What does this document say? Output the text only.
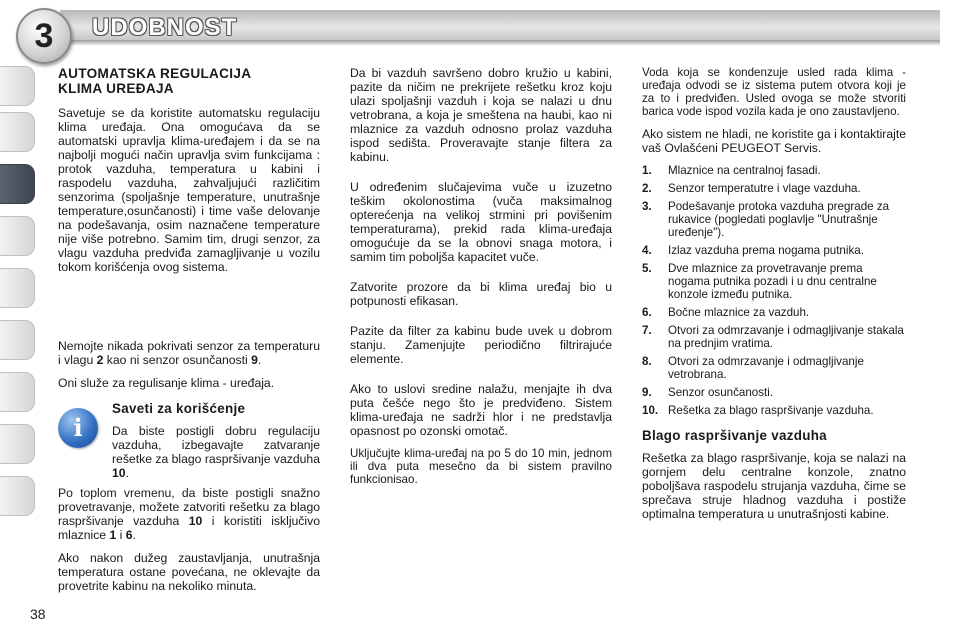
3	UDOBNOST
AUTOMATSKA REGULACIJA
KLIMA UREĐAJA

Savetuje se da koristite automatsku regulaciju klima uređaja. Ona omogućava da se automatski upravlja klima-uređajem i da se na najbolji mogući način upravlja svim funkcijama : protok vazduha, temperatura u kabini i raspodelu vazduha, zahvaljujući različitim senzorima (spoljašnje temperature, unutrašnje temperature,osunčanosti) i time vaše delovanje na podešavanja, osim naznačene temperature nije više potrebno. Samim tim, drugi senzor, za vlagu vazduha predviđa zamagljivanje u vozilu tokom korišćenja ovog sistema.

Nemojte nikada pokrivati senzor za temperaturu i vlagu 2 kao ni senzor osunčanosti 9.

Oni služe za regulisanje klima - uređaja.

i
Saveti za korišćenje

Da biste postigli dobru regulaciju vazduha, izbegavajte zatvaranje rešetke za blago raspršivanje vazduha 10.

Po toplom vremenu, da biste postigli snažno provetravanje, možete zatvoriti rešetku za blago raspršivanje vazduha 10 i koristiti isključivo mlaznice 1 i 6.

Ako nakon dužeg zaustavljanja, unutrašnja temperatura ostane povećana, ne oklevajte da provetrite kabinu na nekoliko minuta.

Da bi vazduh savršeno dobro kružio u kabini, pazite da ničim ne prekrijete rešetku kroz koju ulazi spoljašnji vazduh i koja se nalazi u dnu vetrobrana, a koja je smeštena na haubi, kao ni mlaznice za vazduh odnosno prolaz vazduha ispod sedišta. Proveravajte stanje filtera za kabinu.

U određenim slučajevima vuče u izuzetno teškim okolonostima (vuča maksimalnog opterećenja na velikoj strmini pri povišenim temperaturama), prekid rada klima-uređaja omogućuje da se la obnovi snaga motora, i samim tim poboljša kapacitet vuče.

Zatvorite prozore da bi klima uređaj bio u potpunosti efikasan.

Pazite da filter za kabinu bude uvek u dobrom stanju. Zamenjujte periodično filtrirajuće elemente.

Ako to uslovi sredine nalažu, menjajte ih dva puta češće nego što je predviđeno. Sistem klima-uređaja ne sadrži hlor i ne predstavlja opasnost po ozonski omotač.

Uključujte klima-uređaj na po 5 do 10 min, jednom ili dva puta mesečno da bi sistem pravilno funkcionisao.

Voda koja se kondenzuje usled rada klima - uređaja odvodi se iz sistema putem otvora koji je za to i predviđen. Usled ovoga se može stvoriti barica vode ispod vozila kada je ono zaustavljeno.

Ako sistem ne hladi, ne koristite ga i kontaktirajte vaš Ovlašćeni PEUGEOT Servis.

1.	Mlaznice na centralnoj fasadi.
2.	Senzor temperatutre i vlage vazduha.
3.	Podešavanje protoka vazduha pregrade za rukavice (pogledati poglavlje "Unutrašnje uređenje").
4.	Izlaz vazduha prema nogama putnika.
5.	Dve mlaznice za provetravanje prema nogama putnika pozadi i u dnu centralne konzole između putnika.
6.	Bočne mlaznice za vazduh.
7.	Otvori za odmrzavanje i odmagljivanje stakala na prednjim vratima.
8.	Otvori za odmrzavanje i odmagljivanje vetrobrana.
9.	Senzor osunčanosti.
10. Rešetka za blago raspršivanje vazduha.
Blago raspršivanje vazduha

Rešetka za blago raspršivanje, koja se nalazi na gornjem delu centralne konzole, znatno poboljšava raspodelu strujanja vazduha, čime se sprečava struje hladnog vazduha i postiže optimalna temperatura u unutrašnjosti kabine.

38
